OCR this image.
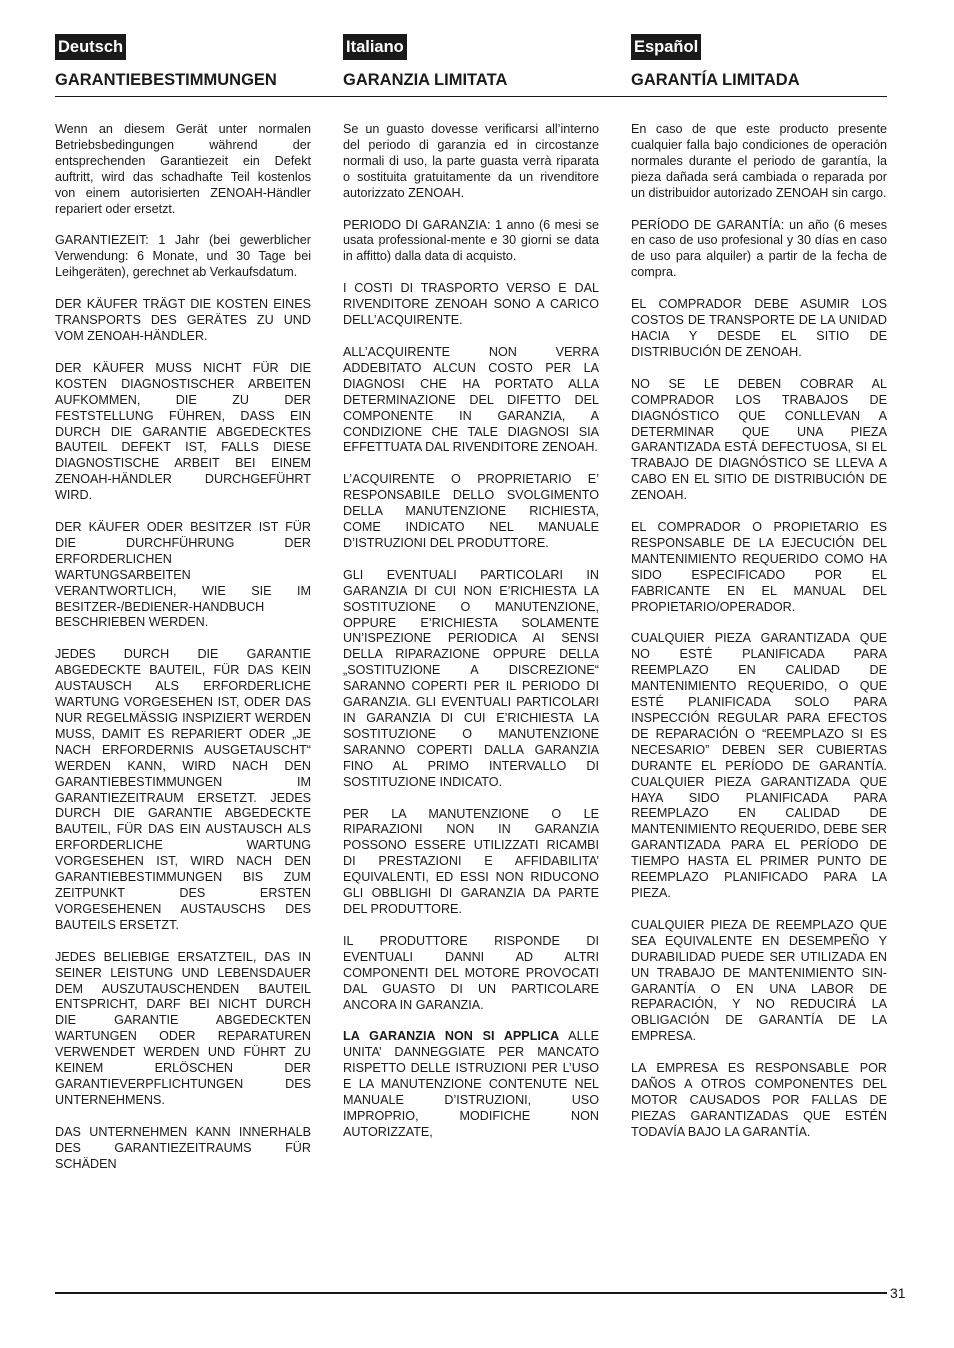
Deutsch
GARANTIEBESTIMMUNGEN

Wenn an diesem Gerät unter normalen Betriebsbedingungen während der entsprechenden Garantiezeit ein Defekt auftritt, wird das schadhafte Teil kostenlos von einem autorisierten ZENOAH-Händler repariert oder ersetzt.

GARANTIEZEIT: 1 Jahr (bei gewerblicher Verwendung: 6 Monate, und 30 Tage bei Leihgeräten), gerechnet ab Verkaufsdatum.

DER KÄUFER TRÄGT DIE KOSTEN EINES TRANSPORTS DES GERÄTES ZU UND VOM ZENOAH-HÄNDLER.

DER KÄUFER MUSS NICHT FÜR DIE KOSTEN DIAGNOSTISCHER ARBEITEN AUFKOMMEN, DIE ZU DER FESTSTELLUNG FÜHREN, DASS EIN DURCH DIE GARANTIE ABGEDECKTES BAUTEIL DEFEKT IST, FALLS DIESE DIAGNOSTISCHE ARBEIT BEI EINEM ZENOAH-HÄNDLER DURCHGEFÜHRT WIRD.

DER KÄUFER ODER BESITZER IST FÜR DIE DURCHFÜHRUNG DER ERFORDERLICHEN WARTUNGSARBEITEN VERANTWORTLICH, WIE SIE IM BESITZER-/BEDIENER-HANDBUCH BESCHRIEBEN WERDEN.

JEDES DURCH DIE GARANTIE ABGEDECKTE BAUTEIL, FÜR DAS KEIN AUSTAUSCH ALS ERFORDERLICHE WARTUNG VORGESEHEN IST, ODER DAS NUR REGELMÄSSIG INSPIZIERT WERDEN MUSS, DAMIT ES REPARIERT ODER „JE NACH ERFORDERNIS AUSGETAUSCHT“ WERDEN KANN, WIRD NACH DEN GARANTIEBESTIMMUNGEN IM GARANTIEZEITRAUM ERSETZT. JEDES DURCH DIE GARANTIE ABGEDECKTE BAUTEIL, FÜR DAS EIN AUSTAUSCH ALS ERFORDERLICHE WARTUNG VORGESEHEN IST, WIRD NACH DEN GARANTIEBESTIMMUNGEN BIS ZUM ZEITPUNKT DES ERSTEN VORGESEHENEN AUSTAUSCHS DES BAUTEILS ERSETZT.

JEDES BELIEBIGE ERSATZTEIL, DAS IN SEINER LEISTUNG UND LEBENSDAUER DEM AUSZUTAUSCHENDEN BAUTEIL ENTSPRICHT, DARF BEI NICHT DURCH DIE GARANTIE ABGEDECKTEN WARTUNGEN ODER REPARATUREN VERWENDET WERDEN UND FÜHRT ZU KEINEM ERLÖSCHEN DER GARANTIEVERPFLICHTUNGEN DES UNTERNEHMENS.

DAS UNTERNEHMEN KANN INNERHALB DES GARANTIEZEITRAUMS FÜR SCHÄDEN

Italiano
GARANZIA LIMITATA

Se un guasto dovesse verificarsi all’interno del periodo di garanzia ed in circostanze normali di uso, la parte guasta verrà riparata o sostituita gratuitamente da un rivenditore autorizzato ZENOAH.

PERIODO DI GARANZIA: 1 anno (6 mesi se usata professional-mente e 30 giorni se data in affitto) dalla data di acquisto.

I COSTI DI TRASPORTO VERSO E DAL RIVENDITORE ZENOAH SONO A CARICO DELL’ACQUIRENTE.

ALL’ACQUIRENTE NON VERRA ADDEBITATO ALCUN COSTO PER LA DIAGNOSI CHE HA PORTATO ALLA DETERMINAZIONE DEL DIFETTO DEL COMPONENTE IN GARANZIA, A CONDIZIONE CHE TALE DIAGNOSI SIA EFFETTUATA DAL RIVENDITORE ZENOAH.

L’ACQUIRENTE O PROPRIETARIO E’ RESPONSABILE DELLO SVOLGIMENTO DELLA MANUTENZIONE RICHIESTA, COME INDICATO NEL MANUALE D’ISTRUZIONI DEL PRODUTTORE.

GLI EVENTUALI PARTICOLARI IN GARANZIA DI CUI NON E’RICHIESTA LA SOSTITUZIONE O MANUTENZIONE, OPPURE E’RICHIESTA SOLAMENTE UN’ISPEZIONE PERIODICA AI SENSI DELLA RIPARAZIONE OPPURE DELLA „SOSTITUZIONE A DISCREZIONE“ SARANNO COPERTI PER IL PERIODO DI GARANZIA. GLI EVENTUALI PARTICOLARI IN GARANZIA DI CUI E’RICHIESTA LA SOSTITUZIONE O MANUTENZIONE SARANNO COPERTI DALLA GARANZIA FINO AL PRIMO INTERVALLO DI SOSTITUZIONE INDICATO.

PER LA MANUTENZIONE O LE RIPARAZIONI NON IN GARANZIA POSSONO ESSERE UTILIZZATI RICAMBI DI PRESTAZIONI E AFFIDABILITA’ EQUIVALENTI, ED ESSI NON RIDUCONO GLI OBBLIGHI DI GARANZIA DA PARTE DEL PRODUTTORE.

IL PRODUTTORE RISPONDE DI EVENTUALI DANNI AD ALTRI COMPONENTI DEL MOTORE PROVOCATI DAL GUASTO DI UN PARTICOLARE ANCORA IN GARANZIA.

LA GARANZIA NON SI APPLICA ALLE UNITA’ DANNEGGIATE PER MANCATO RISPETTO DELLE ISTRUZIONI PER L’USO E LA MANUTENZIONE CONTENUTE NEL MANUALE D’ISTRUZIONI, USO IMPROPRIO, MODIFICHE NON AUTORIZZATE,

Español
GARANTÍA LIMITADA

En caso de que este producto presente cualquier falla bajo condiciones de operación normales durante el periodo de garantía, la pieza dañada será cambiada o reparada por un distribuidor autorizado ZENOAH sin cargo.

PERÍODO DE GARANTÍA: un año (6 meses en caso de uso profesional y 30 días en caso de uso para alquiler) a partir de la fecha de compra.

EL COMPRADOR DEBE ASUMIR LOS COSTOS DE TRANSPORTE DE LA UNIDAD HACIA Y DESDE EL SITIO DE DISTRIBUCIÓN DE ZENOAH.

NO SE LE DEBEN COBRAR AL COMPRADOR LOS TRABAJOS DE DIAGNÓSTICO QUE CONLLEVAN A DETERMINAR QUE UNA PIEZA GARANTIZADA ESTÁ DEFECTUOSA, SI EL TRABAJO DE DIAGNÓSTICO SE LLEVA A CABO EN EL SITIO DE DISTRIBUCIÓN DE ZENOAH.

EL COMPRADOR O PROPIETARIO ES RESPONSABLE DE LA EJECUCIÓN DEL MANTENIMIENTO REQUERIDO COMO HA SIDO ESPECIFICADO POR EL FABRICANTE EN EL MANUAL DEL PROPIETARIO/OPERADOR.

CUALQUIER PIEZA GARANTIZADA QUE NO ESTÉ PLANIFICADA PARA REEMPLAZO EN CALIDAD DE MANTENIMIENTO REQUERIDO, O QUE ESTÉ PLANIFICADA SOLO PARA INSPECCIÓN REGULAR PARA EFECTOS DE REPARACIÓN O “REEMPLAZO SI ES NECESARIO” DEBEN SER CUBIERTAS DURANTE EL PERÍODO DE GARANTÍA. CUALQUIER PIEZA GARANTIZADA QUE HAYA SIDO PLANIFICADA PARA REEMPLAZO EN CALIDAD DE MANTENIMIENTO REQUERIDO, DEBE SER GARANTIZADA PARA EL PERÍODO DE TIEMPO HASTA EL PRIMER PUNTO DE REEMPLAZO PLANIFICADO PARA LA PIEZA.

CUALQUIER PIEZA DE REEMPLAZO QUE SEA EQUIVALENTE EN DESEMPEÑO Y DURABILIDAD PUEDE SER UTILIZADA EN UN TRABAJO DE MANTENIMIENTO SIN-GARANTÍA O EN UNA LABOR DE REPARACIÓN, Y NO REDUCIRÁ LA OBLIGACIÓN DE GARANTÍA DE LA EMPRESA.

LA EMPRESA ES RESPONSABLE POR DAÑOS A OTROS COMPONENTES DEL MOTOR CAUSADOS POR FALLAS DE PIEZAS GARANTIZADAS QUE ESTÉN TODAVÍA BAJO LA GARANTÍA.

31
